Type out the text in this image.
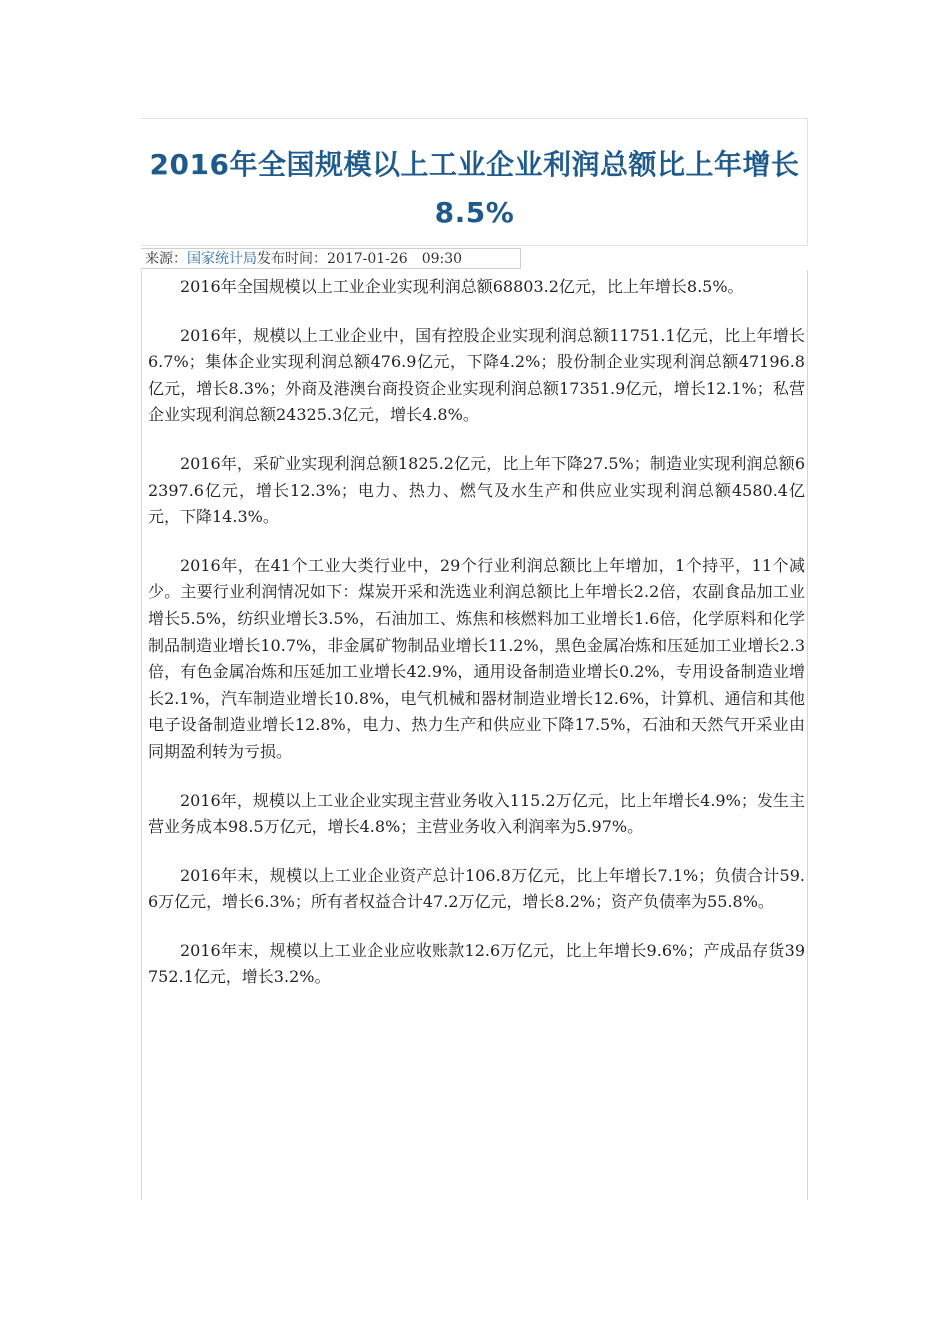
2016年全国规模以上工业企业利润总额比上年增长8.5%
来源：国家统计局发布时间：2017-01-26 09:30

2016年全国规模以上工业企业实现利润总额68803.2亿元，比上年增长8.5%。

2016年，规模以上工业企业中，国有控股企业实现利润总额11751.1亿元，比上年增长6.7%；集体企业实现利润总额476.9亿元，下降4.2%；股份制企业实现利润总额47196.8亿元，增长8.3%；外商及港澳台商投资企业实现利润总额17351.9亿元，增长12.1%；私营企业实现利润总额24325.3亿元，增长4.8%。

2016年，采矿业实现利润总额1825.2亿元，比上年下降27.5%；制造业实现利润总额62397.6亿元，增长12.3%；电力、热力、燃气及水生产和供应业实现利润总额4580.4亿元，下降14.3%。

2016年，在41个工业大类行业中，29个行业利润总额比上年增加，1个持平，11个减少。主要行业利润情况如下：煤炭开采和洗选业利润总额比上年增长2.2倍，农副食品加工业增长5.5%，纺织业增长3.5%，石油加工、炼焦和核燃料加工业增长1.6倍，化学原料和化学制品制造业增长10.7%，非金属矿物制品业增长11.2%，黑色金属冶炼和压延加工业增长2.3倍，有色金属冶炼和压延加工业增长42.9%，通用设备制造业增长0.2%，专用设备制造业增长2.1%，汽车制造业增长10.8%，电气机械和器材制造业增长12.6%，计算机、通信和其他电子设备制造业增长12.8%，电力、热力生产和供应业下降17.5%，石油和天然气开采业由同期盈利转为亏损。

2016年，规模以上工业企业实现主营业务收入115.2万亿元，比上年增长4.9%；发生主营业务成本98.5万亿元，增长4.8%；主营业务收入利润率为5.97%。

2016年末，规模以上工业企业资产总计106.8万亿元，比上年增长7.1%；负债合计59.6万亿元，增长6.3%；所有者权益合计47.2万亿元，增长8.2%；资产负债率为55.8%。

2016年末，规模以上工业企业应收账款12.6万亿元，比上年增长9.6%；产成品存货39752.1亿元，增长3.2%。
